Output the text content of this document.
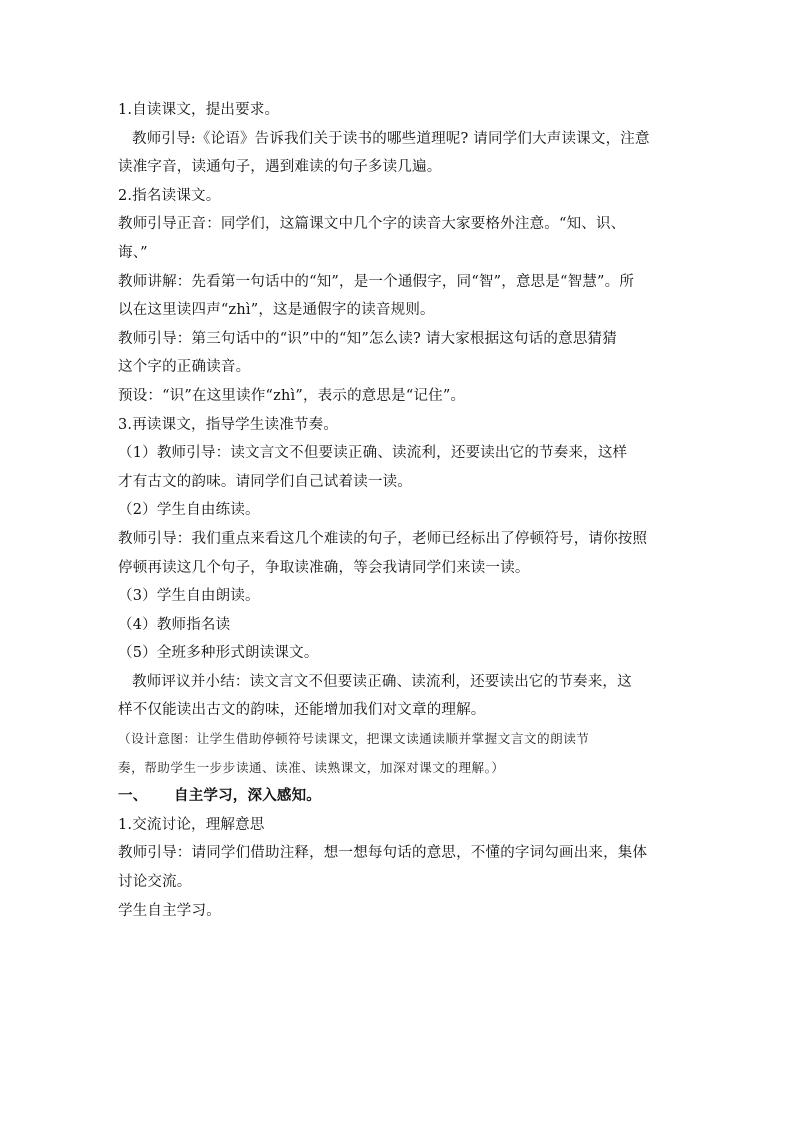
1.自读课文，提出要求。

教师引导:《论语》告诉我们关于读书的哪些道理呢? 请同学们大声读课文，注意

读准字音，读通句子，遇到难读的句子多读几遍。

2.指名读课文。

教师引导正音：同学们，这篇课文中几个字的读音大家要格外注意。“知、识、

诲、”

教师讲解：先看第一句话中的“知”，是一个通假字，同“智”，意思是“智慧”。所

以在这里读四声“zhì”，这是通假字的读音规则。

教师引导：第三句话中的“识”中的“知”怎么读? 请大家根据这句话的意思猜猜

这个字的正确读音。

预设：“识”在这里读作“zhì”，表示的意思是“记住”。

3.再读课文，指导学生读准节奏。

（1）教师引导：读文言文不但要读正确、读流利，还要读出它的节奏来，这样

才有古文的韵味。请同学们自己试着读一读。

（2）学生自由练读。

教师引导：我们重点来看这几个难读的句子，老师已经标出了停顿符号，请你按照

停顿再读这几个句子，争取读准确，等会我请同学们来读一读。

（3）学生自由朗读。

（4）教师指名读

（5）全班多种形式朗读课文。

教师评议并小结：读文言文不但要读正确、读流利，还要读出它的节奏来，这

样不仅能读出古文的韵味，还能增加我们对文章的理解。

（设计意图：让学生借助停顿符号读课文，把课文读通读顺并掌握文言文的朗读节

奏，帮助学生一步步读通、读准、读熟课文，加深对课文的理解。）

一、 自主学习，深入感知。

1.交流讨论，理解意思

教师引导：请同学们借助注释，想一想每句话的意思，不懂的字词勾画出来，集体

讨论交流。

学生自主学习。
